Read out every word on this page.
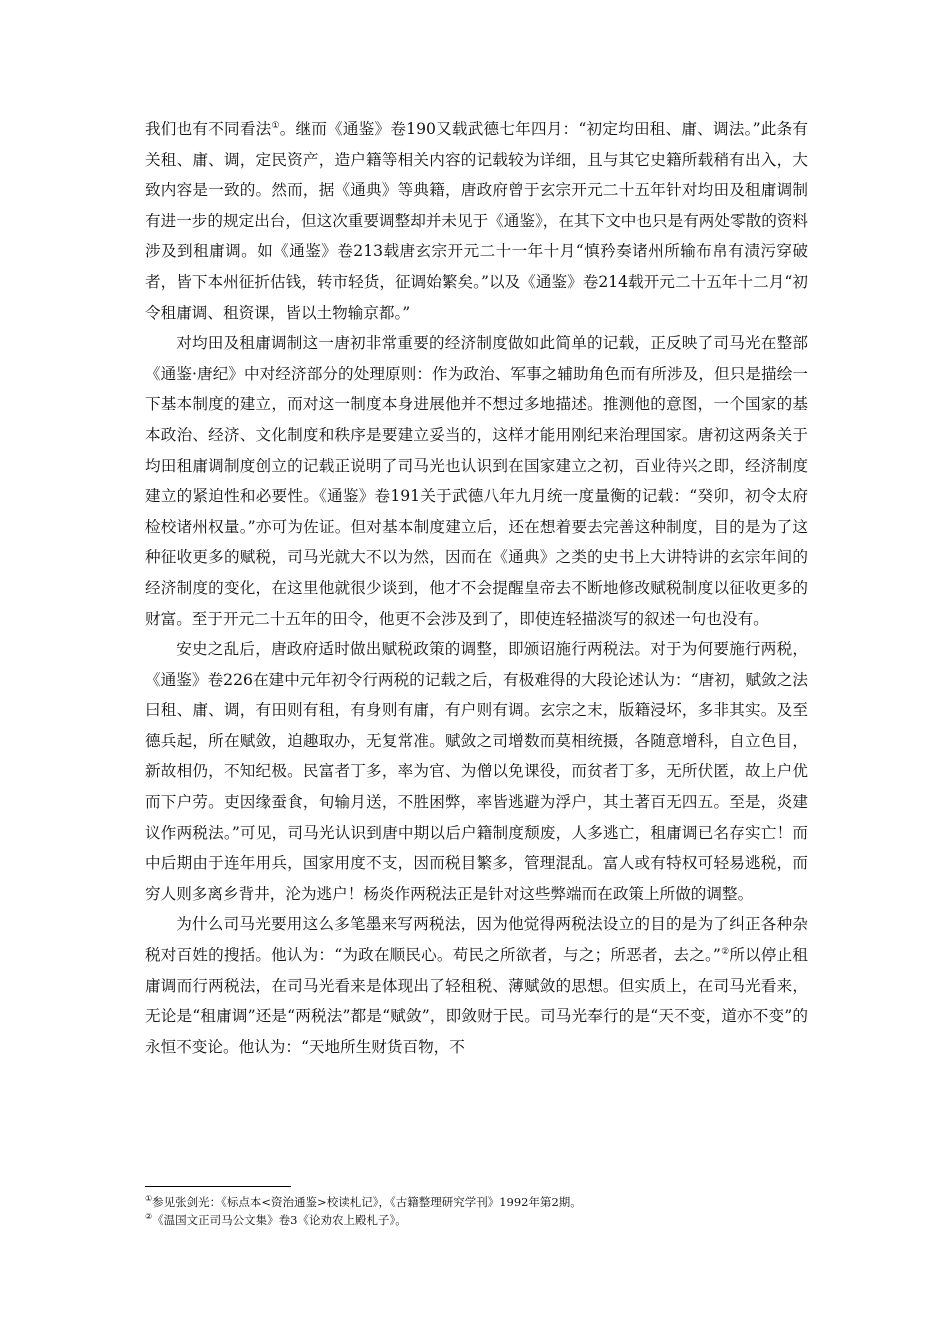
我们也有不同看法①。继而《通鉴》卷190又载武德七年四月：“初定均田租、庸、调法。”此条有关租、庸、调，定民资产，造户籍等相关内容的记载较为详细，且与其它史籍所载稍有出入，大致内容是一致的。然而，据《通典》等典籍，唐政府曾于玄宗开元二十五年针对均田及租庸调制有进一步的规定出台，但这次重要调整却并未见于《通鉴》，在其下文中也只是有两处零散的资料涉及到租庸调。如《通鉴》卷213载唐玄宗开元二十一年十月“慎矜奏诸州所输布帛有渍污穿破者，皆下本州征折估钱，转市轻货，征调始繁矣。”以及《通鉴》卷214载开元二十五年十二月“初令租庸调、租资课，皆以土物输京都。”

对均田及租庸调制这一唐初非常重要的经济制度做如此简单的记载，正反映了司马光在整部《通鉴·唐纪》中对经济部分的处理原则：作为政治、军事之辅助角色而有所涉及，但只是描绘一下基本制度的建立，而对这一制度本身进展他并不想过多地描述。推测他的意图，一个国家的基本政治、经济、文化制度和秩序是要建立妥当的，这样才能用刚纪来治理国家。唐初这两条关于均田租庸调制度创立的记载正说明了司马光也认识到在国家建立之初，百业待兴之即，经济制度建立的紧迫性和必要性。《通鉴》卷191关于武德八年九月统一度量衡的记载：“癸卯，初令太府检校诸州权量。”亦可为佐证。但对基本制度建立后，还在想着要去完善这种制度，目的是为了这种征收更多的赋税，司马光就大不以为然，因而在《通典》之类的史书上大讲特讲的玄宗年间的经济制度的变化，在这里他就很少谈到，他才不会提醒皇帝去不断地修改赋税制度以征收更多的财富。至于开元二十五年的田令，他更不会涉及到了，即使连轻描淡写的叙述一句也没有。

安史之乱后，唐政府适时做出赋税政策的调整，即颁诏施行两税法。对于为何要施行两税，《通鉴》卷226在建中元年初令行两税的记载之后，有极难得的大段论述认为：“唐初，赋敛之法曰租、庸、调，有田则有租，有身则有庸，有户则有调。玄宗之末，版籍浸坏，多非其实。及至德兵起，所在赋敛，迫趣取办，无复常准。赋敛之司增数而莫相统摄，各随意增科，自立色目，新故相仍，不知纪极。民富者丁多，率为官、为僧以免课役，而贫者丁多，无所伏匿，故上户优而下户劳。吏因缘蚕食，旬输月送，不胜困弊，率皆逃避为浮户，其土著百无四五。至是，炎建议作两税法。”可见，司马光认识到唐中期以后户籍制度颓废，人多逃亡，租庸调已名存实亡！而中后期由于连年用兵，国家用度不支，因而税目繁多，管理混乱。富人或有特权可轻易逃税，而穷人则多离乡背井，沦为逃户！杨炎作两税法正是针对这些弊端而在政策上所做的调整。

为什么司马光要用这么多笔墨来写两税法，因为他觉得两税法设立的目的是为了纠正各种杂税对百姓的搜括。他认为：“为政在顺民心。苟民之所欲者，与之；所恶者，去之。”②所以停止租庸调而行两税法，在司马光看来是体现出了轻租税、薄赋敛的思想。但实质上，在司马光看来，无论是“租庸调”还是“两税法”都是“赋敛”，即敛财于民。司马光奉行的是“天不变，道亦不变”的永恒不变论。他认为：“天地所生财货百物，不

①参见张剑光：《标点本<资治通鉴>校读札记》，《古籍整理研究学刊》1992年第2期。
②《温国文正司马公文集》卷3《论劝农上殿札子》。
